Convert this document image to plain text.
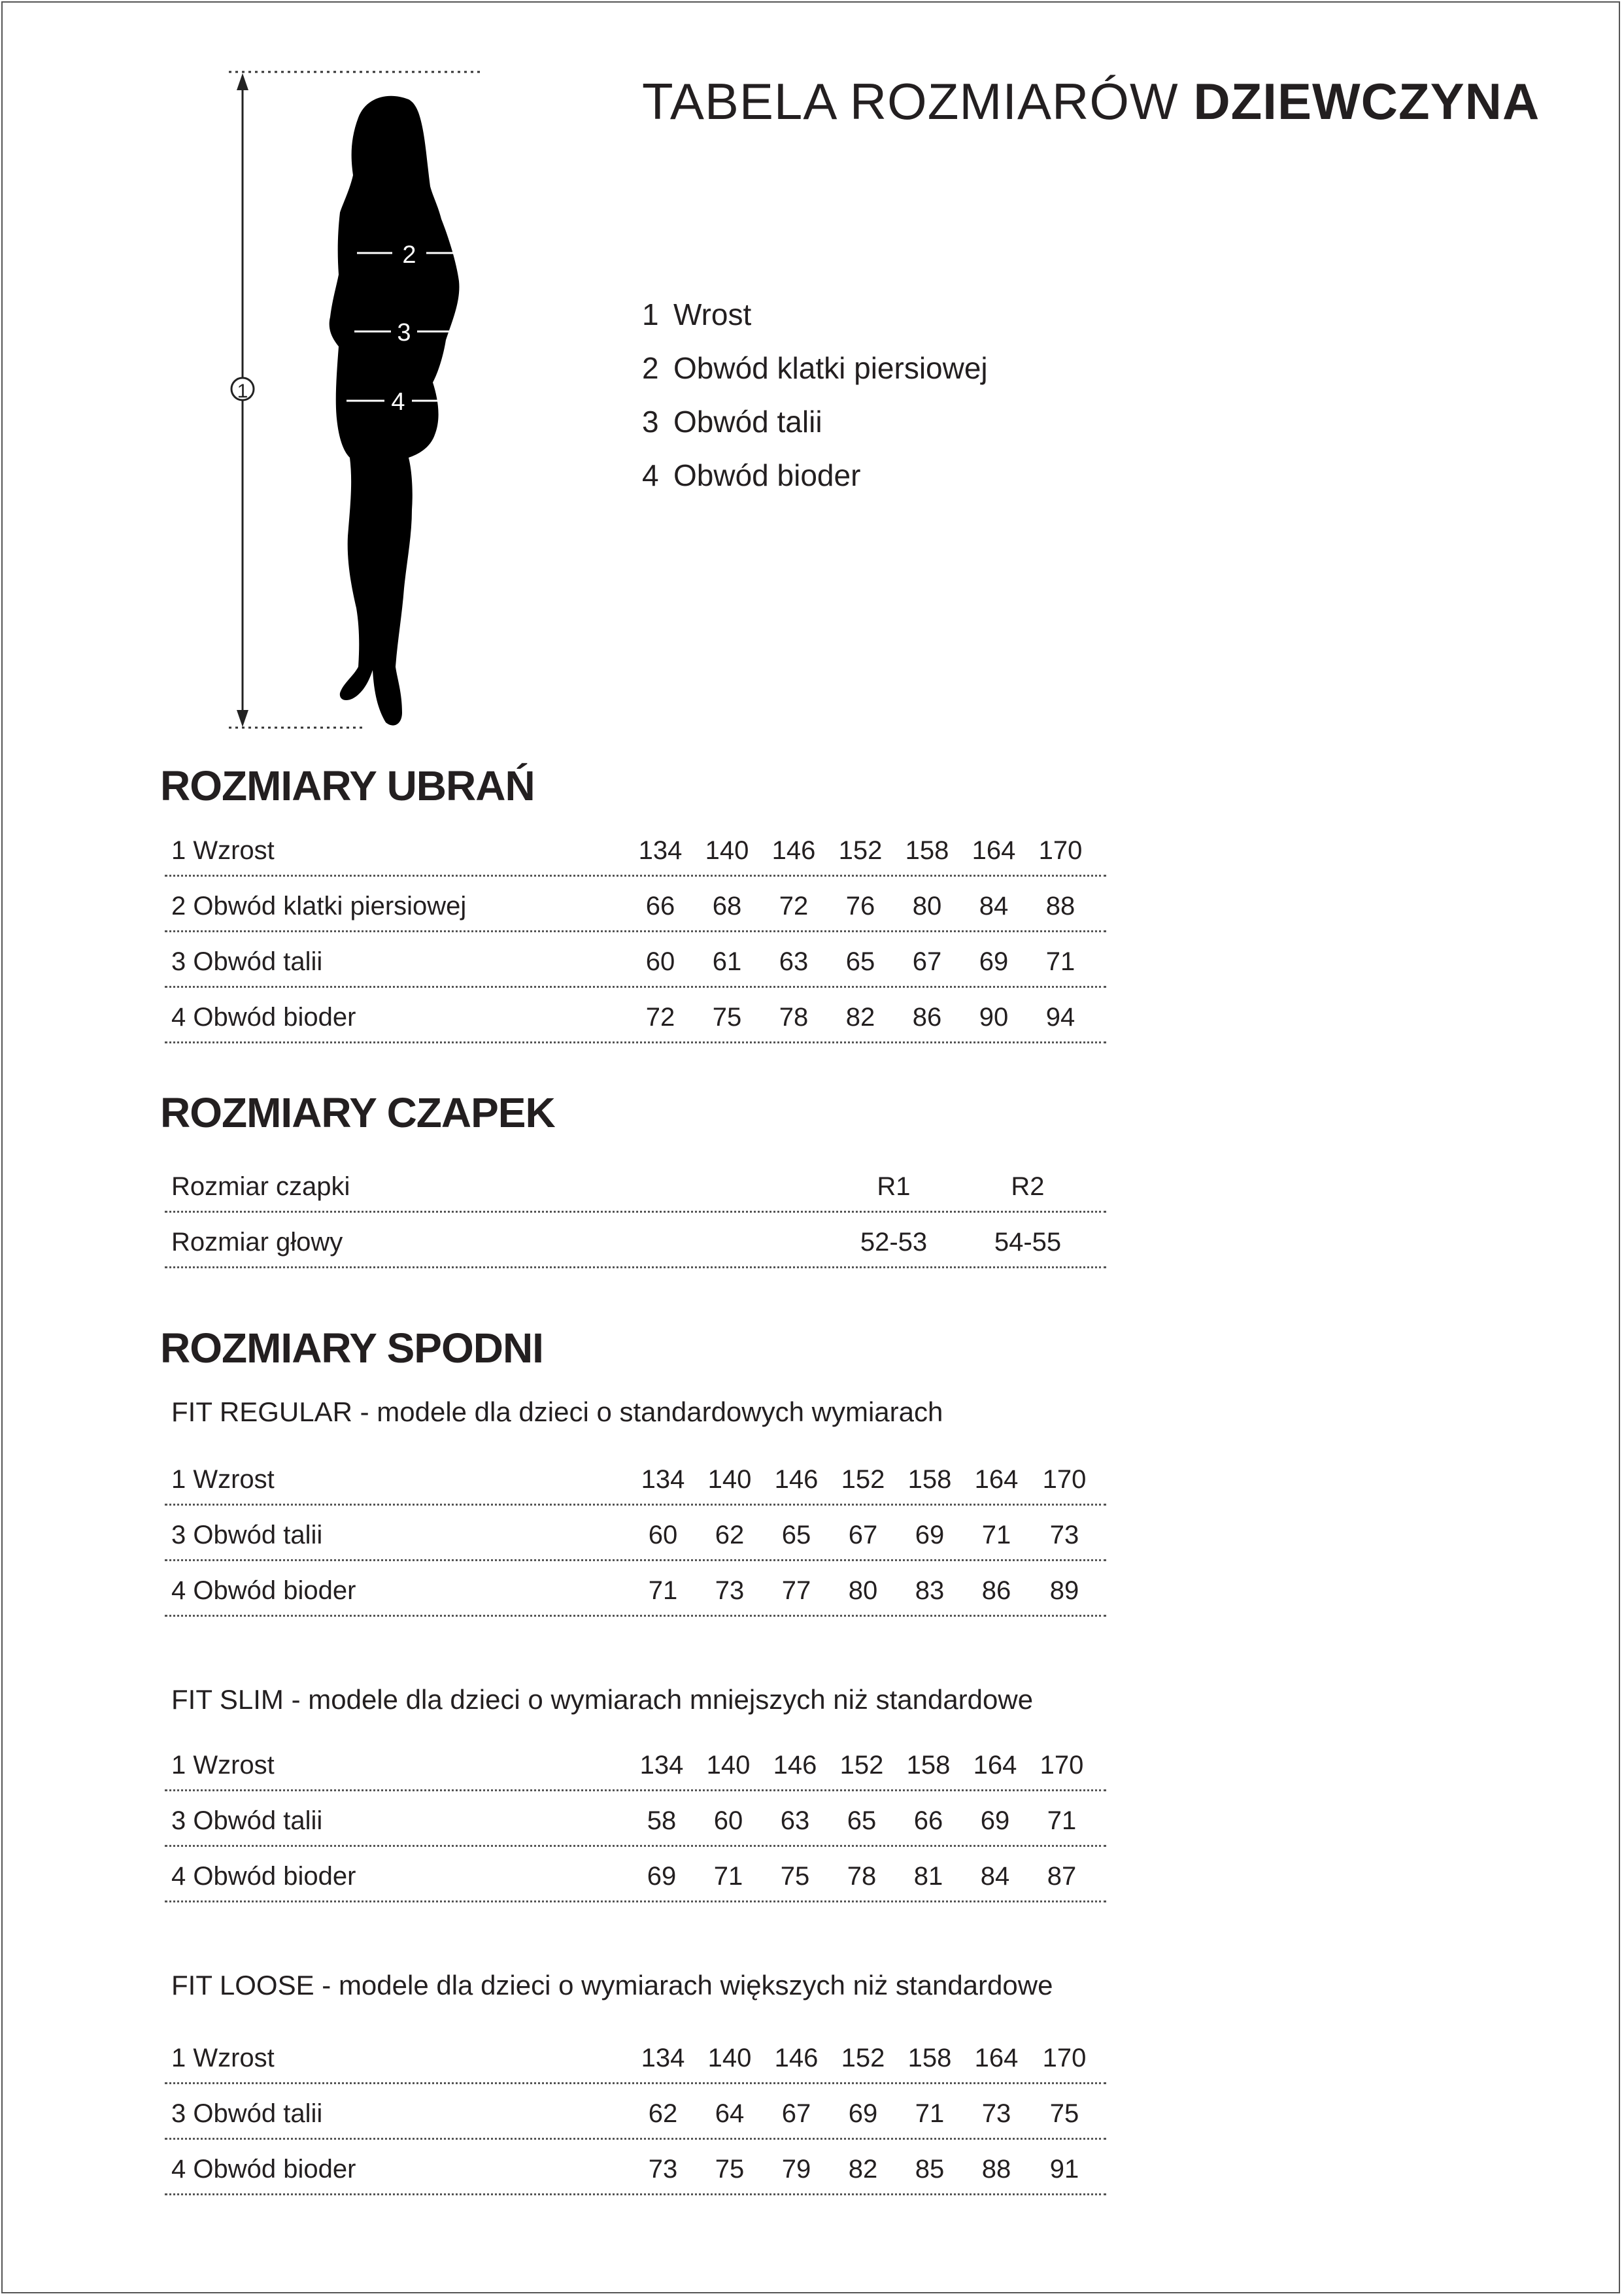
1
2
3
4
TABELA ROZMIARÓW DZIEWCZYNA
1 Wrost
2 Obwód klatki piersiowej
3 Obwód talii
4 Obwód bioder
ROZMIARY UBRAŃ
1 Wzrost	134 140 146 152 158 164 170
2 Obwód klatki piersiowej	66	68	72	76	80	84	88
3 Obwód talii	60	61	63	65	67	69	71
4 Obwód bioder	72	75	78	82	86	90	94
ROZMIARY CZAPEK
Rozmiar czapki	R1	R2
Rozmiar głowy	52-53	54-55
ROZMIARY SPODNI
FIT REGULAR - modele dla dzieci o standardowych wymiarach
1 Wzrost	134 140 146 152 158 164 170
3 Obwód talii	60	62	65	67	69	71	73
4 Obwód bioder	71	73	77	80	83	86	89
FIT SLIM - modele dla dzieci o wymiarach mniejszych niż standardowe
1 Wzrost	134 140 146 152 158 164 170
3 Obwód talii	58	60	63	65	66	69	71
4 Obwód bioder	69	71	75	78	81	84	87
FIT LOOSE - modele dla dzieci o wymiarach większych niż standardowe
1 Wzrost	134 140 146 152 158 164 170
3 Obwód talii	62	64	67	69	71	73	75
4 Obwód bioder	73	75	79	82	85	88	91
